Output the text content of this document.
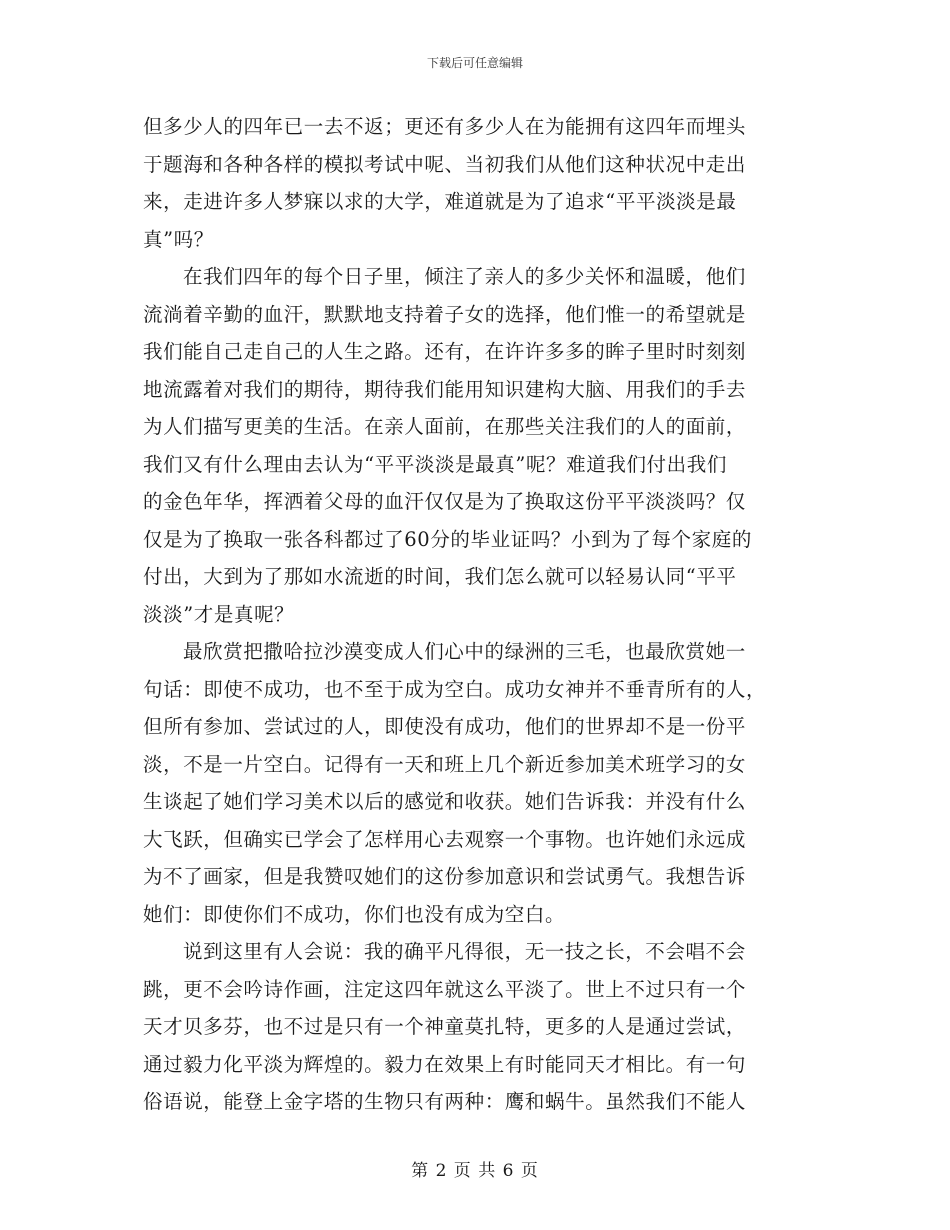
下载后可任意编辑
但多少人的四年已一去不返；更还有多少人在为能拥有这四年而埋头
于题海和各种各样的模拟考试中呢、当初我们从他们这种状况中走出
来，走进许多人梦寐以求的大学，难道就是为了追求“平平淡淡是最
真”吗？
在我们四年的每个日子里，倾注了亲人的多少关怀和温暖，他们
流淌着辛勤的血汗，默默地支持着子女的选择，他们惟一的希望就是
我们能自己走自己的人生之路。还有，在许许多多的眸子里时时刻刻
地流露着对我们的期待，期待我们能用知识建构大脑、用我们的手去
为人们描写更美的生活。在亲人面前，在那些关注我们的人的面前，
我们又有什么理由去认为“平平淡淡是最真”呢？难道我们付出我们
的金色年华，挥洒着父母的血汗仅仅是为了换取这份平平淡淡吗？仅
仅是为了换取一张各科都过了60分的毕业证吗？小到为了每个家庭的
付出，大到为了那如水流逝的时间，我们怎么就可以轻易认同“平平
淡淡”才是真呢？
最欣赏把撒哈拉沙漠变成人们心中的绿洲的三毛，也最欣赏她一
句话：即使不成功，也不至于成为空白。成功女神并不垂青所有的人，
但所有参加、尝试过的人，即使没有成功，他们的世界却不是一份平
淡，不是一片空白。记得有一天和班上几个新近参加美术班学习的女
生谈起了她们学习美术以后的感觉和收获。她们告诉我：并没有什么
大飞跃，但确实已学会了怎样用心去观察一个事物。也许她们永远成
为不了画家，但是我赞叹她们的这份参加意识和尝试勇气。我想告诉
她们：即使你们不成功，你们也没有成为空白。
说到这里有人会说：我的确平凡得很，无一技之长，不会唱不会
跳，更不会吟诗作画，注定这四年就这么平淡了。世上不过只有一个
天才贝多芬，也不过是只有一个神童莫扎特，更多的人是通过尝试，
通过毅力化平淡为辉煌的。毅力在效果上有时能同天才相比。有一句
俗语说，能登上金字塔的生物只有两种：鹰和蜗牛。虽然我们不能人
第 2 页 共 6 页
